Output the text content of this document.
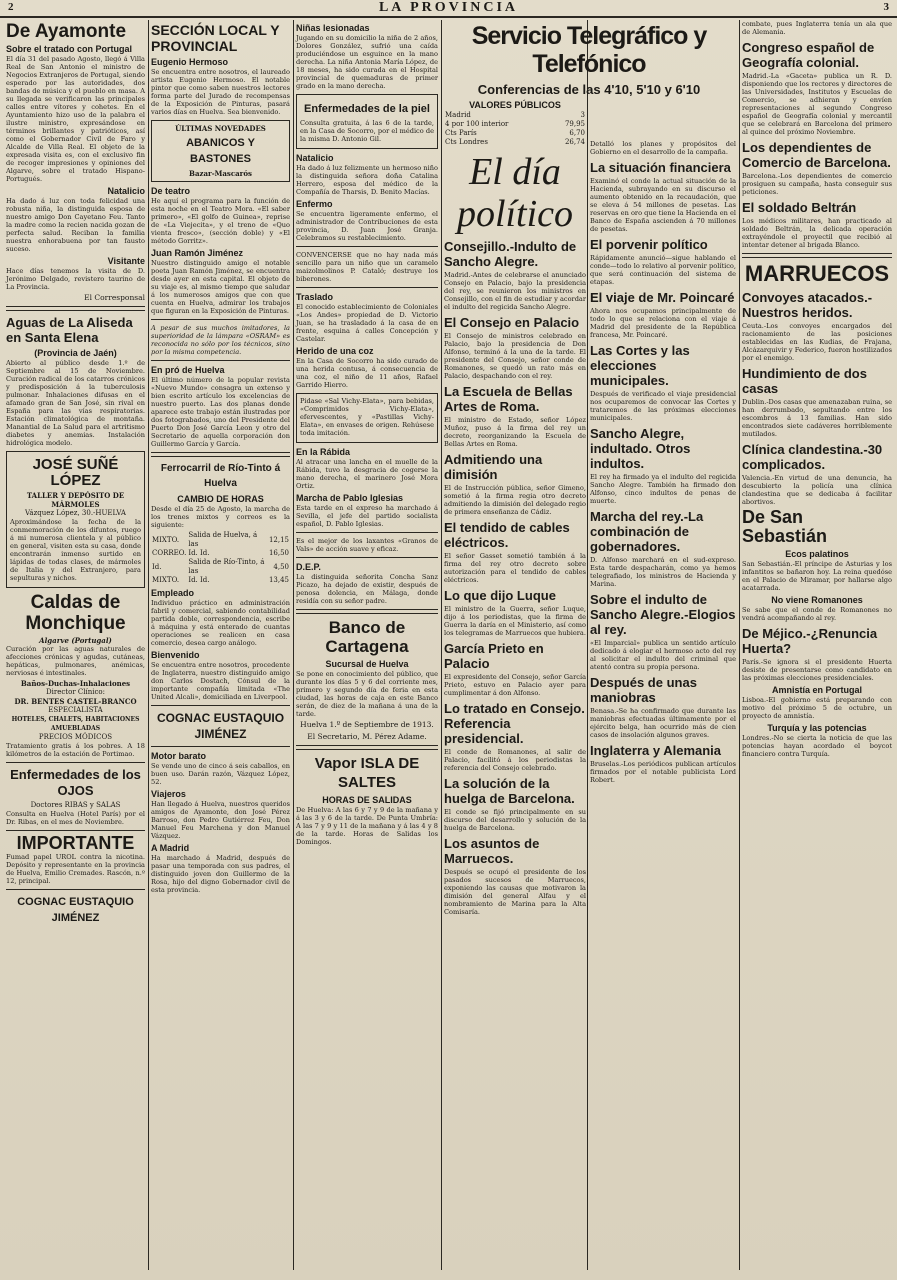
2	LA PROVINCIA	3
De Ayamonte
Sobre el tratado con Portugal

El día 31 del pasado Agosto, llegó á Villa Real de San Antonio el ministro de Negocios Extranjeros de Portugal, siendo esperado por las autoridades, dos bandas de música y el pueblo en masa. A su llegada se verificaron las principales calles entre vítores y cohetes. En el Ayuntamiento hizo uso de la palabra el ilustre ministro, expresándose en términos brillantes y patrióticos, así como el Gobernador Civil de Faro y Alcalde de Villa Real. El objeto de la expresada visita es, con el exclusivo fin de recoger impresiones y opiniones del Algarve, sobre el tratado Hispano-Portugués.

Natalicio

Ha dado á luz con toda felicidad una robusta niña, la distinguida esposa de nuestro amigo Don Cayetano Feu. Tanto la madre como la recien nacida gozan de perfecta salud. Reciban la familia nuestra enhorabuena por tan fausto suceso.

Visitante

Hace días tenemos la visita de D. Jerónimo Delgado, revistero taurino de La Provincia.

El Corresponsal
Aguas de La Aliseda en Santa Elena
(Provincia de Jaén)

Abierto al público desde 1.º de Septiembre al 15 de Noviembre. Curación radical de los catarros crónicos y predisposición á la tuberculosis pulmonar. Inhalaciones difusas en el afamado gran de San José, sin rival en España para las vías respiratorias. Estación climatológica de montaña. Manantial de La Salud para el artritismo diabetes y anemias. Instalación hidrológica modelo.

JOSÉ SUÑÉ LÓPEZ
TALLER Y DEPÓSITO DE MÁRMOLES
Vázquez López, 30.-HUELVA

Aproximándose la fecha de la conmemoración de los difuntos, ruego á mi numerosa clientela y al público en general, visiten esta su casa, donde encontrarán inmenso surtido en lápidas de todas clases, de mármoles de Italia y del Extranjero, para sepulturas y nichos.

Caldas de Monchique
Algarve (Portugal)

Curación por las aguas naturales de afecciones crónicas y agudas, cutáneas, hepáticas, pulmonares, anémicas, nerviosas é intestinales.

Baños-Duchas-Inhalaciones
Director Clínico:
DR. BENTES CASTEL-BRANCO
ESPECIALISTA
HOTELES, CHALETS, HABITACIONES AMUEBLADAS
PRECIOS MÓDICOS

Tratamiento gratis á los pobres. A 18 kilómetros de la estación de Portimao.

Enfermedades de los OJOS
Doctores RIBAS y SALAS

Consulta en Huelva (Hotel París) por el Dr. Ribas, en el mes de Noviembre.

IMPORTANTE

Fumad papel UROL contra la nicotina. Depósito y representante en la provincia de Huelva, Emilio Cremades. Rascón, n.º 12, principal.

COGNAC EUSTAQUIO JIMÉNEZ
SECCIÓN LOCAL Y PROVINCIAL
Eugenio Hermoso

Se encuentra entre nosotros, el laureado artista Eugenio Hermoso. El notable pintor que como saben nuestros lectores forma parte del Jurado de recompensas de la Exposición de Pinturas, pasará varios días en Huelva. Sea bienvenido.

ÚLTIMAS NOVEDADES
ABANICOS Y BASTONES
Bazar-Mascarós
De teatro

He aquí el programa para la función de esta noche en el Teatro Mora. «El saber primero», «El golfo de Guinea», reprise de «La Viejecita», y el treno de «Quo vienta fresco», (sección doble) y «El método Gorritz».

Juan Ramón Jiménez

Nuestro distinguido amigo el notable poeta Juan Ramón Jiménez, se encuentra desde ayer en esta capital. El objeto de su viaje es, al mismo tiempo que saludar á los numerosos amigos que con que cuenta en Huelva, admirar los trabajos que figuran en la Exposición de Pinturas.

A pesar de sus muchos imitadores, la superioridad de la lámpara «OSRAM» es reconocida no sólo por los técnicos, sino por la misma competencia.

En pró de Huelva

El último número de la popular revista «Nuevo Mundo» consagra un extenso y bien escrito artículo los excelencias de nuestro puerto. Las dos planas donde aparece este trabajo están ilustradas por dos fotograbados, uno del Presidente del Puerto Don José García Leon y otro del Secretario de aquella corporación don Guillermo García y García.

Ferrocarril de Río-Tinto á Huelva
CAMBIO DE HORAS

Desde el día 25 de Agosto, la marcha de los trenes mixtos y correos es la siguiente:

MIXTO.	Salida de Huelva, á las	12,15
CORREO.	Id. Id.	16,50
Id.	Salida de Río-Tinto, á las	4,50
MIXTO.	Id. Id.	13,45
Empleado

Individuo práctico en administración fabril y comercial, sabiendo contabilidad partida doble, correspondencia, escribe á máquina y está enterado de cuantas operaciones se realicen en casa comercio, desea cargo análogo.

Bienvenido

Se encuentra entre nosotros, procedente de Inglaterra, nuestro distinguido amigo don Carlos Dostach, Cónsul de la importante compañía limitada «The United Alcali», domiciliada en Liverpool.

COGNAC EUSTAQUIO JIMÉNEZ
Motor barato

Se vende uno de cinco á seis caballos, en buen uso. Darán razón, Vázquez López, 52.

Viajeros

Han llegado á Huelva, nuestros queridos amigos de Ayamonte, don José Pérez Barroso, don Pedro Gutiérrez Feu, Don Manuel Feu Marchena y don Manuel Vázquez.

A Madrid

Ha marchado á Madrid, después de pasar una temporada con sus padres, el distinguido joven don Guillermo de la Rosa, hijo del digno Gobernador civil de esta provincia.

Niñas lesionadas

Jugando en su domicilio la niña de 2 años, Dolores González, sufrió una caída produciéndose un esguince en la mano derecha. La niña Antonia María López, de 18 meses, ha sido curada en el Hospital provincial de quemaduras de primer grado en la mano derecha.

Enfermedades de la piel

Consulta gratuita, á las 6 de la tarde, en la Casa de Socorro, por el médico de la misma D. Antonio Gil.

Natalicio

Ha dado á luz felizmente un hermoso niño la distinguida señora doña Catalina Herrero, esposa del médico de la Compañía de Tharsis, D. Benito Macías.

Enfermo

Se encuentra ligeramente enfermo, el administrador de Contribuciones de esta provincia, D. Juan José Granja. Celebramos su restablecimiento.

CONVENCERSE que no hay nada más sencillo para un niño que un caramelo maizolmolinos P. Cataló; destruye los biberones.

Traslado

El conocido establecimiento de Coloniales «Los Andes» propiedad de D. Victorio Juan, se ha trasladado á la casa de en frente, esquina á calles Concepción y Castelar.

Herido de una coz

En la Casa de Socorro ha sido curado de una herida contusa, á consecuencia de una coz, el niño de 11 años, Rafael Garrido Hierro.

Pidase «Sal Vichy-Elata», para bebidas, «Comprimidos Vichy-Elata», efervescentes, y «Pastillas Vichy-Elata», en envases de origen. Rehúsese toda imitación.

En la Rábida

Al atracar una lancha en el muelle de la Rábida, tuvo la desgracia de cogerse la mano derecha, el marinero José Mora Ortiz.

Marcha de Pablo Iglesias

Esta tarde en el expreso ha marchado á Sevilla, el jefe del partido socialista español, D. Pablo Iglesias.

Es el mejor de los laxantes «Granos de Vals» de acción suave y eficaz.

D.E.P.

La distinguida señorita Concha Sanz Picazo, ha dejado de existir, después de penosa dolencia, en Málaga, donde residía con su señor padre.

Banco de Cartagena
Sucursal de Huelva

Se pone en conocimiento del público, que durante los días 5 y 6 del corriente mes, primero y segundo día de feria en esta ciudad, las horas de caja en este Banco serán, de diez de la mañana á una de la tarde.

Huelva 1.º de Septiembre de 1913.
El Secretario, M. Pérez Adame.
Vapor ISLA DE SALTES
HORAS DE SALIDAS

De Huelva: A las 6 y 7 y 9 de la mañana y á las 3 y 6 de la tarde. De Punta Umbría: A las 7 y 9 y 11 de la mañana y á las 4 y 8 de la tarde. Horas de Salidas los Domingos.

Servicio Telegráfico y Telefónico
Conferencias de las 4'10, 5'10 y 6'10
VALORES PÚBLICOS
Madrid	3
4 por 100 interior	79,95
Cts París	6,70
Cts Londres	26,74
El día político
Consejillo.-Indulto de Sancho Alegre.

Madrid.-Antes de celebrarse el anunciado Consejo en Palacio, bajo la presidencia del rey, se reunieron los ministros en Consejillo, con el fin de estudiar y acordar el indulto del regicida Sancho Alegre.

El Consejo en Palacio

El Consejo de ministros celebrado en Palacio, bajo la presidencia de Don Alfonso, terminó á la una de la tarde. El presidente del Consejo, señor conde de Romanones, se quedó un rato más en Palacio, despachando con el rey.

La Escuela de Bellas Artes de Roma.

El ministro de Estado, señor López Muñoz, puso á la firma del rey un decreto, reorganizando la Escuela de Bellas Artes en Roma.

Admitiendo una dimisión

El de Instrucción pública, señor Gimeno, sometió á la firma regia otro decreto admitiendo la dimisión del delegado regio de primera enseñanza de Cádiz.

El tendido de cables eléctricos.

El señor Gasset sometió también á la firma del rey otro decreto sobre autorización para el tendido de cables eléctricos.

Lo que dijo Luque

El ministro de la Guerra, señor Luque, dijo á los periodistas, que la firma de Guerra la daría en el Ministerio, así como los telegramas de Marruecos que hubiera.

García Prieto en Palacio

El expresidente del Consejo, señor García Prieto, estuvo en Palacio ayer para cumplimentar á don Alfonso.

Lo tratado en Consejo. Referencia presidencial.

El conde de Romanones, al salir de Palacio, facilitó á los periodistas la referencia del Consejo celebrado.

La solución de la huelga de Barcelona.

El conde se fijó principalmente en su discurso del desarrollo y solución de la huelga de Barcelona.

Los asuntos de Marruecos.

Después se ocupó el presidente de los pasados sucesos de Marruecos, exponiendo las causas que motivaron la dimisión del general Alfau y el nombramiento de Marina para la Alta Comisaría.

Detalló los planes y propósitos del Gobierno en el desarrollo de la campaña.

La situación financiera

Examinó el conde la actual situación de la Hacienda, subrayando en su discurso el aumento obtenido en la recaudación, que se eleva á 54 millones de pesetas. Las reservas en oro que tiene la Hacienda en el Banco de España ascienden á 70 millones de pesetas.

El porvenir político

Rápidamente anunció—sigue hablando el conde—todo lo relativo al porvenir político, que será continuación del sistema de etapas.

El viaje de Mr. Poincaré

Ahora nos ocupamos principalmente de todo lo que se relaciona con el viaje á Madrid del presidente de la República francesa, Mr. Poincaré.

Las Cortes y las elecciones municipales.

Después de verificado el viaje presidencial nos ocuparemos de convocar las Cortes y trataremos de las próximas elecciones municipales.

Sancho Alegre, indultado. Otros indultos.

El rey ha firmado ya el indulto del regicida Sancho Alegre. También ha firmado don Alfonso, cinco indultos de penas de muerte.

Marcha del rey.-La combinación de gobernadores.

D. Alfonso marchará en el sud-expreso. Esta tarde despacharán, como ya hemos telegrafiado, los ministros de Hacienda y Marina.

Sobre el indulto de Sancho Alegre.-Elogios al rey.

«El Imparcial» publica un sentido artículo dedicado á elogiar el hermoso acto del rey al solicitar el indulto del criminal que atentó contra su propia persona.

Después de unas maniobras

Benasa.-Se ha confirmado que durante las maniobras efectuadas últimamente por el ejército belga, han ocurrido más de cien casos de insolación algunos graves.

Inglaterra y Alemania

Bruselas.-Los periódicos publican artículos firmados por el notable publicista Lord Robert.

combate, pues Inglaterra tenía un ala que de Alemania.

Congreso español de Geografía colonial.

Madrid.-La «Gaceta» publica un R. D. disponiendo que los rectores y directores de las Universidades, Institutos y Escuelas de Comercio, se adhieran y envíen representaciones al segundo Congreso español de Geografía colonial y mercantil que se celebrará en Barcelona del primero al quince del próximo Noviembre.

Los dependientes de Comercio de Barcelona.

Barcelona.-Los dependientes de comercio prosiguen su campaña, hasta conseguir sus peticiones.

El soldado Beltrán

Los médicos militares, han practicado al soldado Beltrán, la delicada operación extrayéndole el proyectil que recibió al intentar detener al brigada Blanco.

MARRUECOS
Convoyes atacados.-Nuestros heridos.

Ceuta.-Los convoyes encargados del racionamiento de las posiciones establecidas en las Kudias, de Frajana, Alcázarquivir y Federico, fueron hostilizados por el enemigo.

Hundimiento de dos casas

Dublin.-Dos casas que amenazaban ruina, se han derrumbado, sepultando entre los escombros á 13 familias. Han sido encontrados siete cadáveres horriblemente mutilados.

Clínica clandestina.-30 complicados.

Valencia.-En virtud de una denuncia, ha descubierto la policía una clínica clandestina que se dedicaba á facilitar abortivos.

De San Sebastián
Ecos palatinos

San Sebastián.-El príncipe de Asturias y los infantitos se bañaron hoy. La reina quedóse en el Palacio de Miramar, por hallarse algo acatarrada.

No viene Romanones

Se sabe que el conde de Romanones no vendrá acompañando al rey.

De Méjico.-¿Renuncia Huerta?

París.-Se ignora si el presidente Huerta desiste de presentarse como candidato en las próximas elecciones presidenciales.

Amnistía en Portugal

Lisboa.-El gobierno está preparando con motivo del próximo 5 de octubre, un proyecto de amnistía.

Turquía y las potencias

Londres.-No se cierta la noticia de que las potencias hayan acordado el boycot financiero contra Turquía.
